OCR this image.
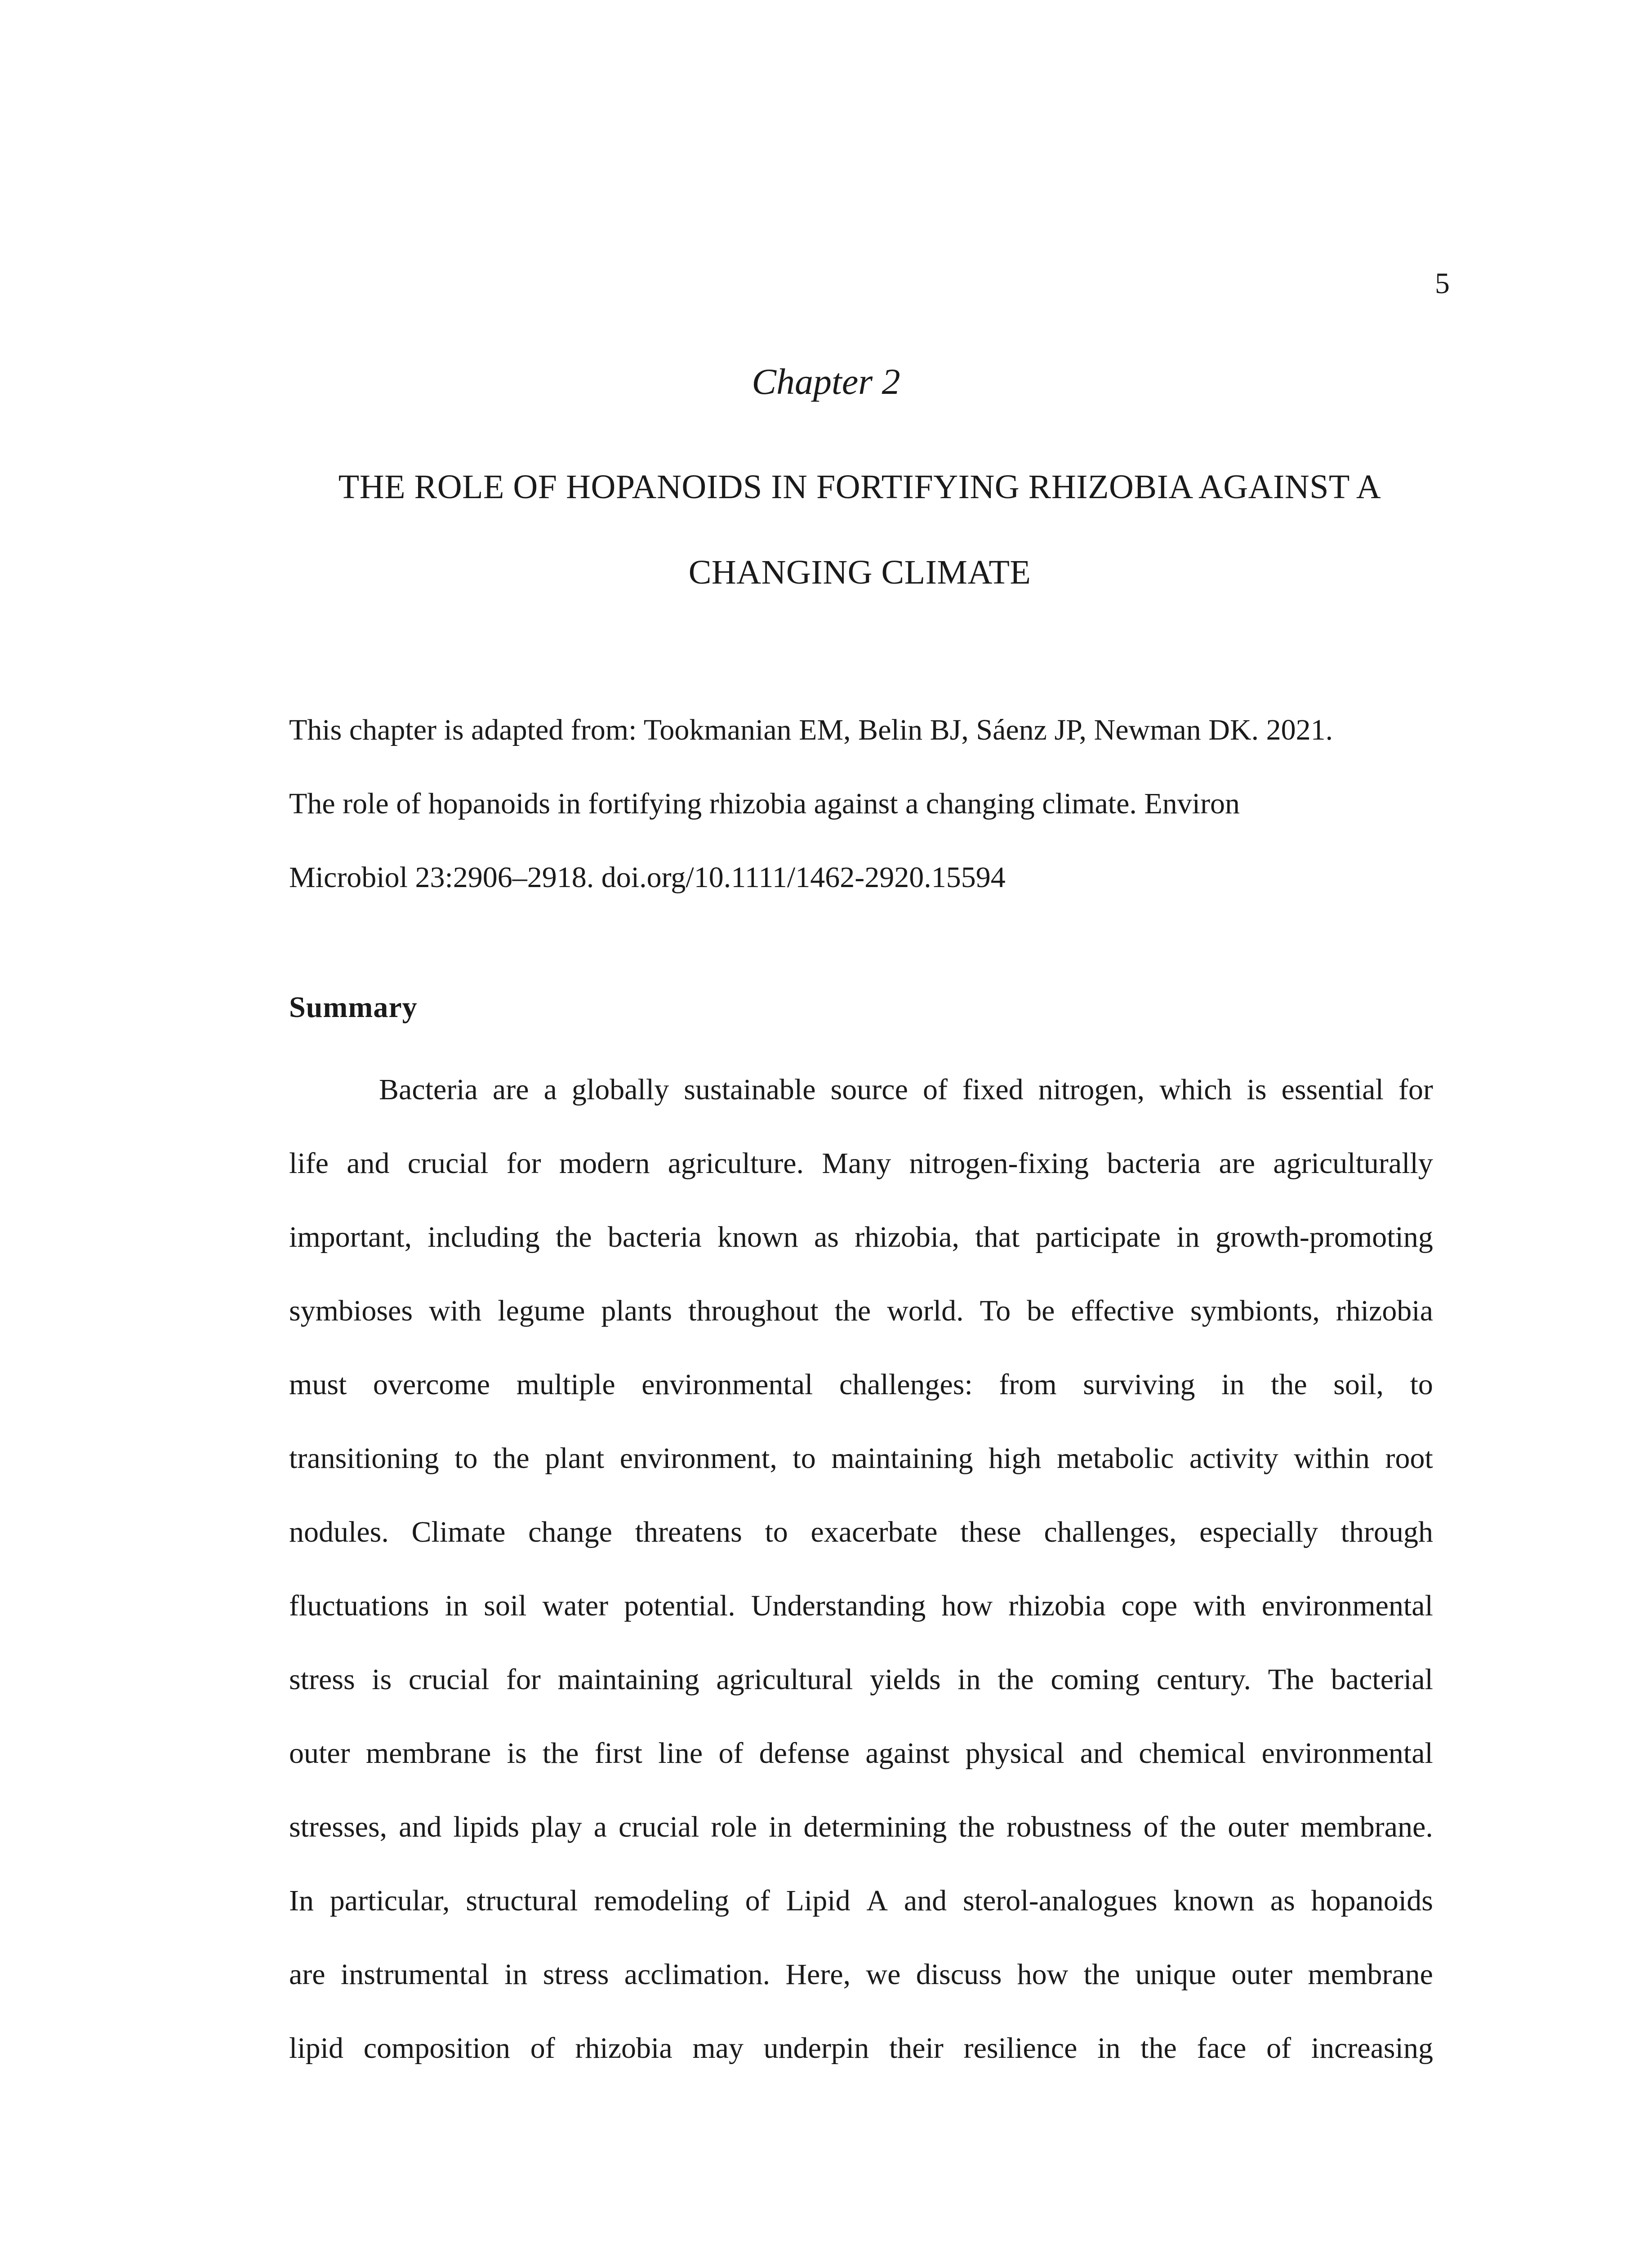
5
Chapter 2
THE ROLE OF HOPANOIDS IN FORTIFYING RHIZOBIA AGAINST A
CHANGING CLIMATE
This chapter is adapted from: Tookmanian EM, Belin BJ, Sáenz JP, Newman DK. 2021.
The role of hopanoids in fortifying rhizobia against a changing climate. Environ
Microbiol 23:2906–2918. doi.org/10.1111/1462-2920.15594
Summary
Bacteria are a globally sustainable source of fixed nitrogen, which is essential for
life and crucial for modern agriculture. Many nitrogen-fixing bacteria are agriculturally
important, including the bacteria known as rhizobia, that participate in growth-promoting
symbioses with legume plants throughout the world. To be effective symbionts, rhizobia
must overcome multiple environmental challenges: from surviving in the soil, to
transitioning to the plant environment, to maintaining high metabolic activity within root
nodules. Climate change threatens to exacerbate these challenges, especially through
fluctuations in soil water potential. Understanding how rhizobia cope with environmental
stress is crucial for maintaining agricultural yields in the coming century. The bacterial
outer membrane is the first line of defense against physical and chemical environmental
stresses, and lipids play a crucial role in determining the robustness of the outer membrane.
In particular, structural remodeling of Lipid A and sterol-analogues known as hopanoids
are instrumental in stress acclimation. Here, we discuss how the unique outer membrane
lipid composition of rhizobia may underpin their resilience in the face of increasing
